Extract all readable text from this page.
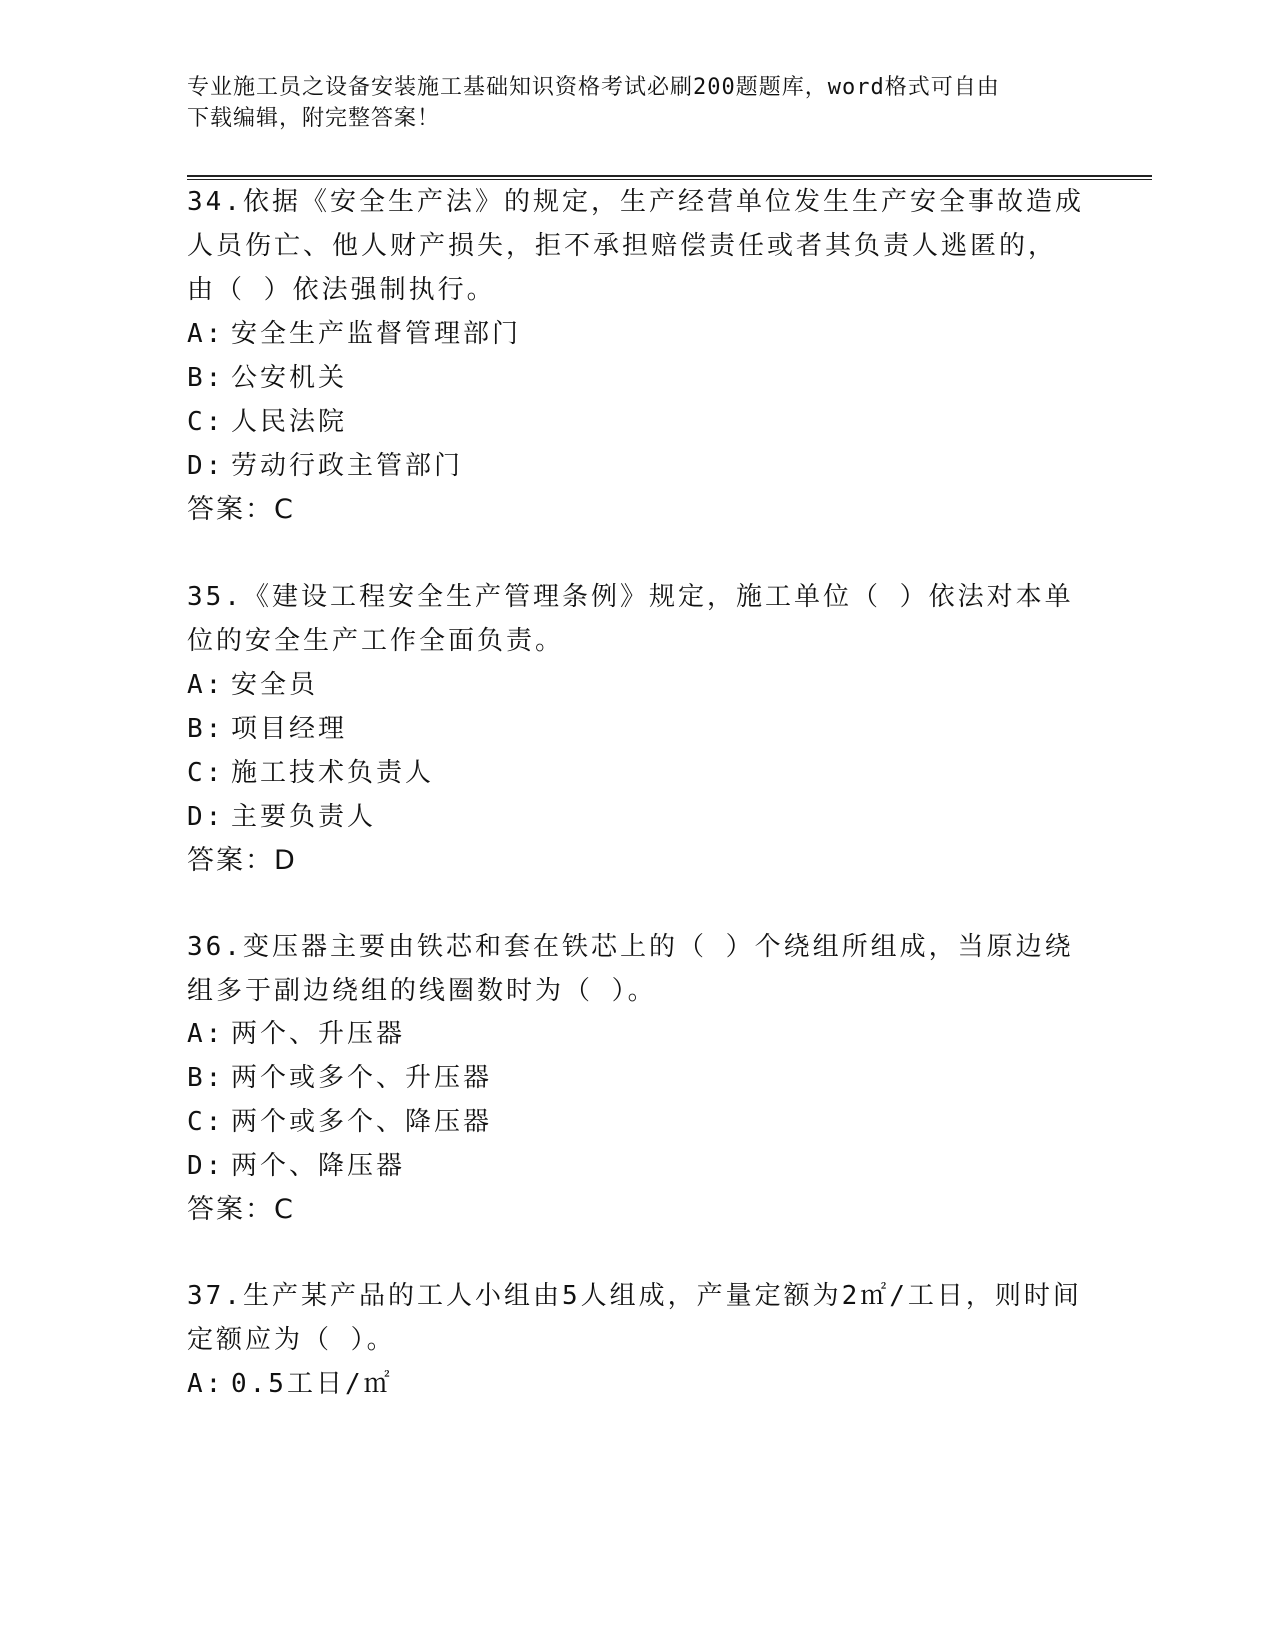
专业施工员之设备安装施工基础知识资格考试必刷200题题库，word格式可自由
下载编辑，附完整答案！
34.依据《安全生产法》的规定，生产经营单位发生生产安全事故造成
人员伤亡、他人财产损失，拒不承担赔偿责任或者其负责人逃匿的，
由（ ）依法强制执行。
A: 安全生产监督管理部门
B: 公安机关
C: 人民法院
D: 劳动行政主管部门
答案：C
35.《建设工程安全生产管理条例》规定，施工单位（ ）依法对本单
位的安全生产工作全面负责。
A: 安全员
B: 项目经理
C: 施工技术负责人
D: 主要负责人
答案：D
36.变压器主要由铁芯和套在铁芯上的（ ）个绕组所组成，当原边绕
组多于副边绕组的线圈数时为（ ）。
A: 两个、升压器
B: 两个或多个、升压器
C: 两个或多个、降压器
D: 两个、降压器
答案：C
37.生产某产品的工人小组由5人组成，产量定额为2㎡/工日，则时间
定额应为（ ）。
A: 0.5工日/㎡
